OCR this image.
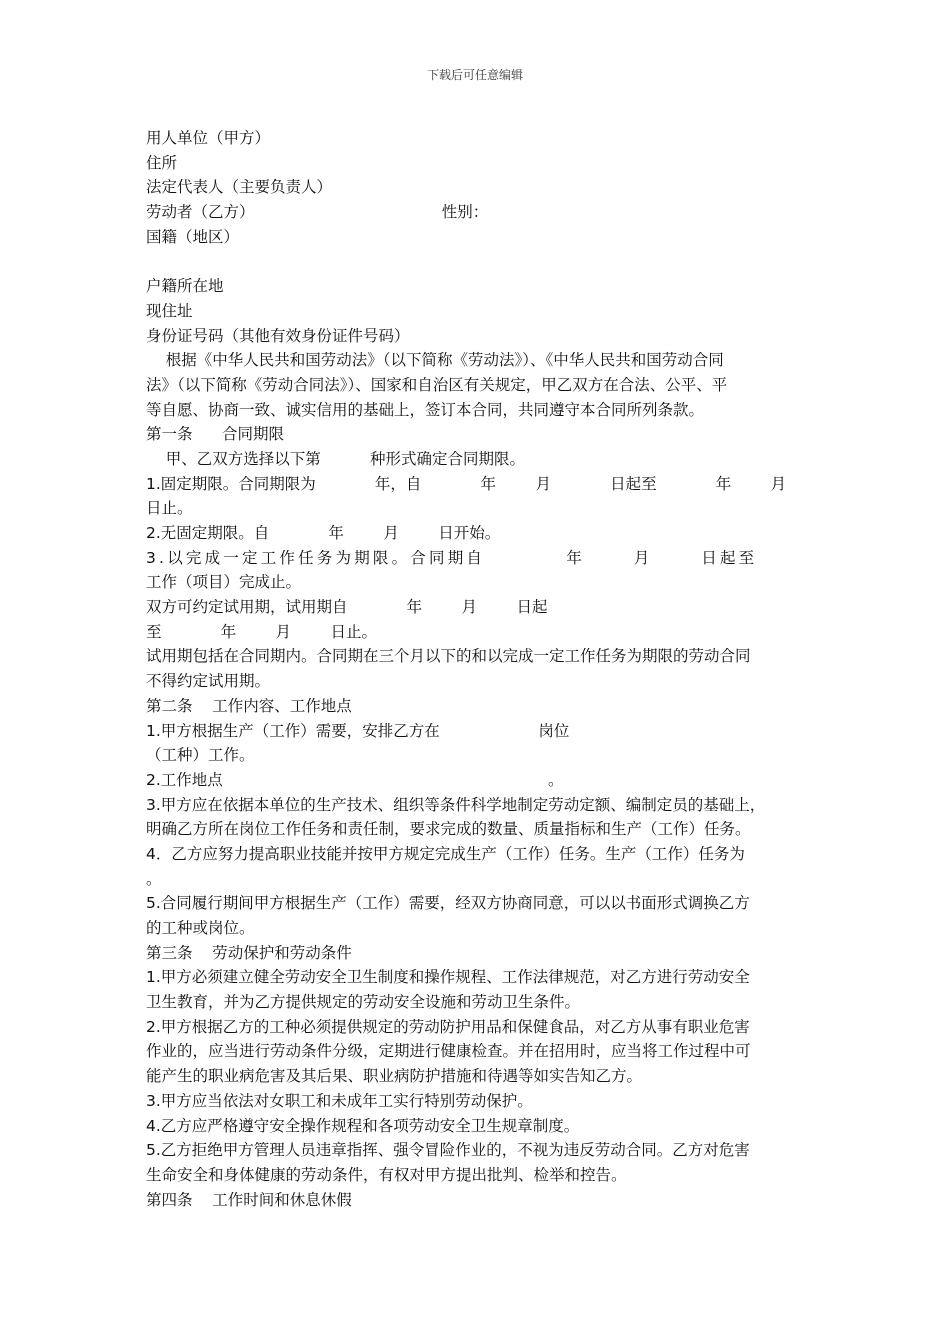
下载后可任意编辑
用人单位（甲方）
住所
法定代表人（主要负责人）
劳动者（乙方）                                      性别：
国籍（地区）
户籍所在地
现住址
身份证号码（其他有效身份证件号码）
根据《中华人民共和国劳动法》（以下简称《劳动法》）、《中华人民共和国劳动合同
法》（以下简称《劳动合同法》）、国家和自治区有关规定，甲乙双方在合法、公平、平
等自愿、协商一致、诚实信用的基础上，签订本合同，共同遵守本合同所列条款。
第一条      合同期限
甲、乙双方选择以下第          种形式确定合同期限。
1.固定期限。合同期限为            年，自            年        月            日起至            年        月
日止。
2.无固定期限。自            年        月        日开始。
3.以完成一定工作任务为期限。合同期自          年      月      日起至
工作（项目）完成止。
双方可约定试用期，试用期自            年        月        日起
至            年        月        日止。
试用期包括在合同期内。合同期在三个月以下的和以完成一定工作任务为期限的劳动合同
不得约定试用期。
第二条    工作内容、工作地点
1.甲方根据生产（工作）需要，安排乙方在                    岗位
（工种）工作。
2.工作地点                                                                  。
3.甲方应在依据本单位的生产技术、组织等条件科学地制定劳动定额、编制定员的基础上，
明确乙方所在岗位工作任务和责任制，要求完成的数量、质量指标和生产（工作）任务。
4．乙方应努力提高职业技能并按甲方规定完成生产（工作）任务。生产（工作）任务为
。
5.合同履行期间甲方根据生产（工作）需要，经双方协商同意，可以以书面形式调换乙方
的工种或岗位。
第三条    劳动保护和劳动条件
1.甲方必须建立健全劳动安全卫生制度和操作规程、工作法律规范，对乙方进行劳动安全
卫生教育，并为乙方提供规定的劳动安全设施和劳动卫生条件。
2.甲方根据乙方的工种必须提供规定的劳动防护用品和保健食品，对乙方从事有职业危害
作业的，应当进行劳动条件分级，定期进行健康检查。并在招用时，应当将工作过程中可
能产生的职业病危害及其后果、职业病防护措施和待遇等如实告知乙方。
3.甲方应当依法对女职工和未成年工实行特别劳动保护。
4.乙方应严格遵守安全操作规程和各项劳动安全卫生规章制度。
5.乙方拒绝甲方管理人员违章指挥、强令冒险作业的，不视为违反劳动合同。乙方对危害
生命安全和身体健康的劳动条件，有权对甲方提出批判、检举和控告。
第四条    工作时间和休息休假
